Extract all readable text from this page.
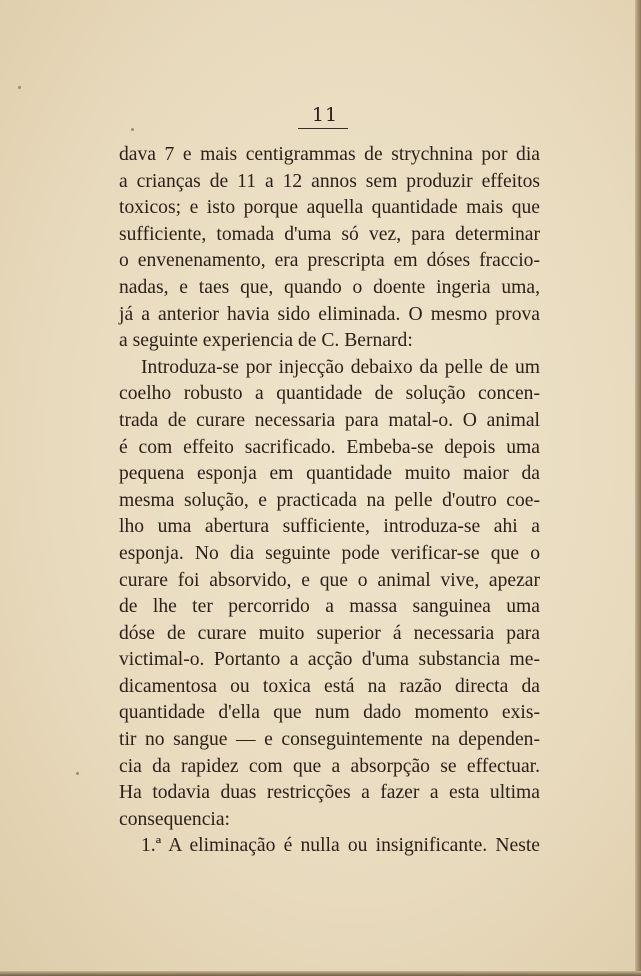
11
dava 7 e mais centigrammas de strychnina por dia
a crianças de 11 a 12 annos sem produzir effeitos
toxicos; e isto porque aquella quantidade mais que
sufficiente, tomada d'uma só vez, para determinar
o envenenamento, era prescripta em dóses fraccio-
nadas, e taes que, quando o doente ingeria uma,
já a anterior havia sido eliminada. O mesmo prova
a seguinte experiencia de C. Bernard:
Introduza-se por injecção debaixo da pelle de um
coelho robusto a quantidade de solução concen-
trada de curare necessaria para matal-o. O animal
é com effeito sacrificado. Embeba-se depois uma
pequena esponja em quantidade muito maior da
mesma solução, e practicada na pelle d'outro coe-
lho uma abertura sufficiente, introduza-se ahi a
esponja. No dia seguinte pode verificar-se que o
curare foi absorvido, e que o animal vive, apezar
de lhe ter percorrido a massa sanguinea uma
dóse de curare muito superior á necessaria para
victimal-o. Portanto a acção d'uma substancia me-
dicamentosa ou toxica está na razão directa da
quantidade d'ella que num dado momento exis-
tir no sangue — e conseguintemente na dependen-
cia da rapidez com que a absorpção se effectuar.
Ha todavia duas restricções a fazer a esta ultima
consequencia:
1.ª A eliminação é nulla ou insignificante. Neste
